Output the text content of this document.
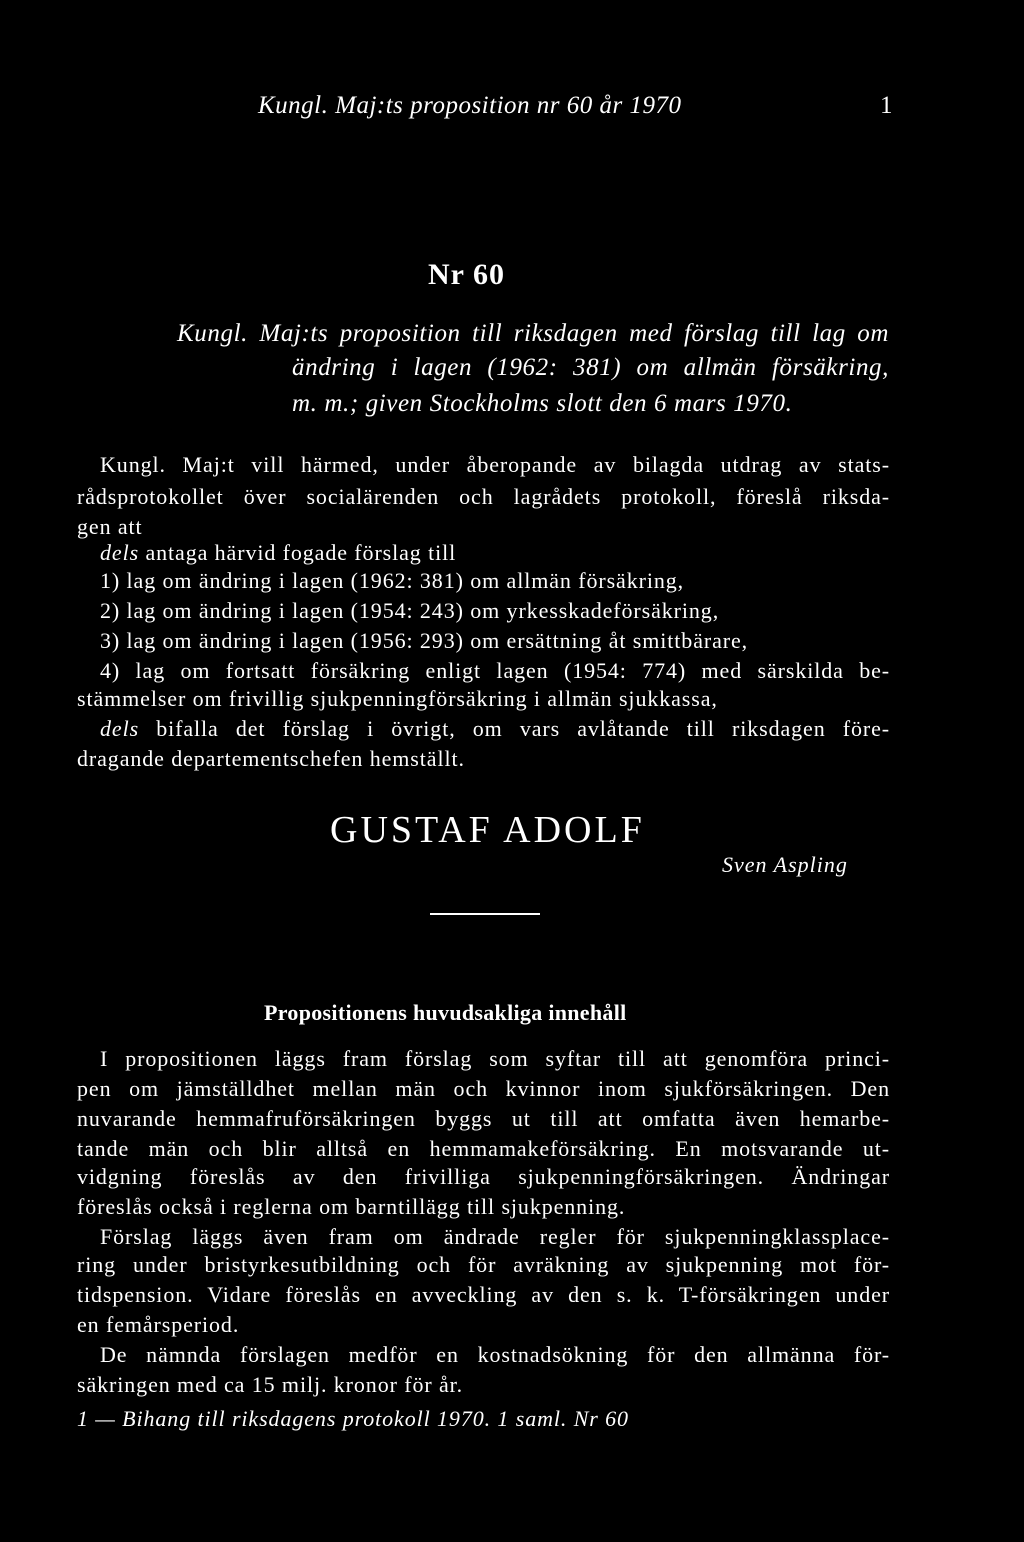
Kungl. Maj:ts proposition nr 60 år 1970	1
Nr 60
Kungl. Maj:ts proposition till riksdagen med förslag till lag om
ändring i lagen (1962: 381) om allmän försäkring,
m. m.; given Stockholms slott den 6 mars 1970.
Kungl. Maj:t vill härmed, under åberopande av bilagda utdrag av stats-
rådsprotokollet över socialärenden och lagrådets protokoll, föreslå riksda-
gen att
dels antaga härvid fogade förslag till
1) lag om ändring i lagen (1962: 381) om allmän försäkring,
2) lag om ändring i lagen (1954: 243) om yrkesskadeförsäkring,
3) lag om ändring i lagen (1956: 293) om ersättning åt smittbärare,
4) lag om fortsatt försäkring enligt lagen (1954: 774) med särskilda be-
stämmelser om frivillig sjukpenningförsäkring i allmän sjukkassa,
dels bifalla det förslag i övrigt, om vars avlåtande till riksdagen före-
dragande departementschefen hemställt.
GUSTAF ADOLF
Sven Aspling
Propositionens huvudsakliga innehåll
I propositionen läggs fram förslag som syftar till att genomföra princi-
pen om jämställdhet mellan män och kvinnor inom sjukförsäkringen. Den
nuvarande hemmafruförsäkringen byggs ut till att omfatta även hemarbe-
tande män och blir alltså en hemmamakeförsäkring. En motsvarande ut-
vidgning föreslås av den frivilliga sjukpenningförsäkringen. Ändringar
föreslås också i reglerna om barntillägg till sjukpenning.
Förslag läggs även fram om ändrade regler för sjukpenningklassplace-
ring under bristyrkesutbildning och för avräkning av sjukpenning mot för-
tidspension. Vidare föreslås en avveckling av den s. k. T-försäkringen under
en femårsperiod.
De nämnda förslagen medför en kostnadsökning för den allmänna för-
säkringen med ca 15 milj. kronor för år.
1 — Bihang till riksdagens protokoll 1970. 1 saml. Nr 60
